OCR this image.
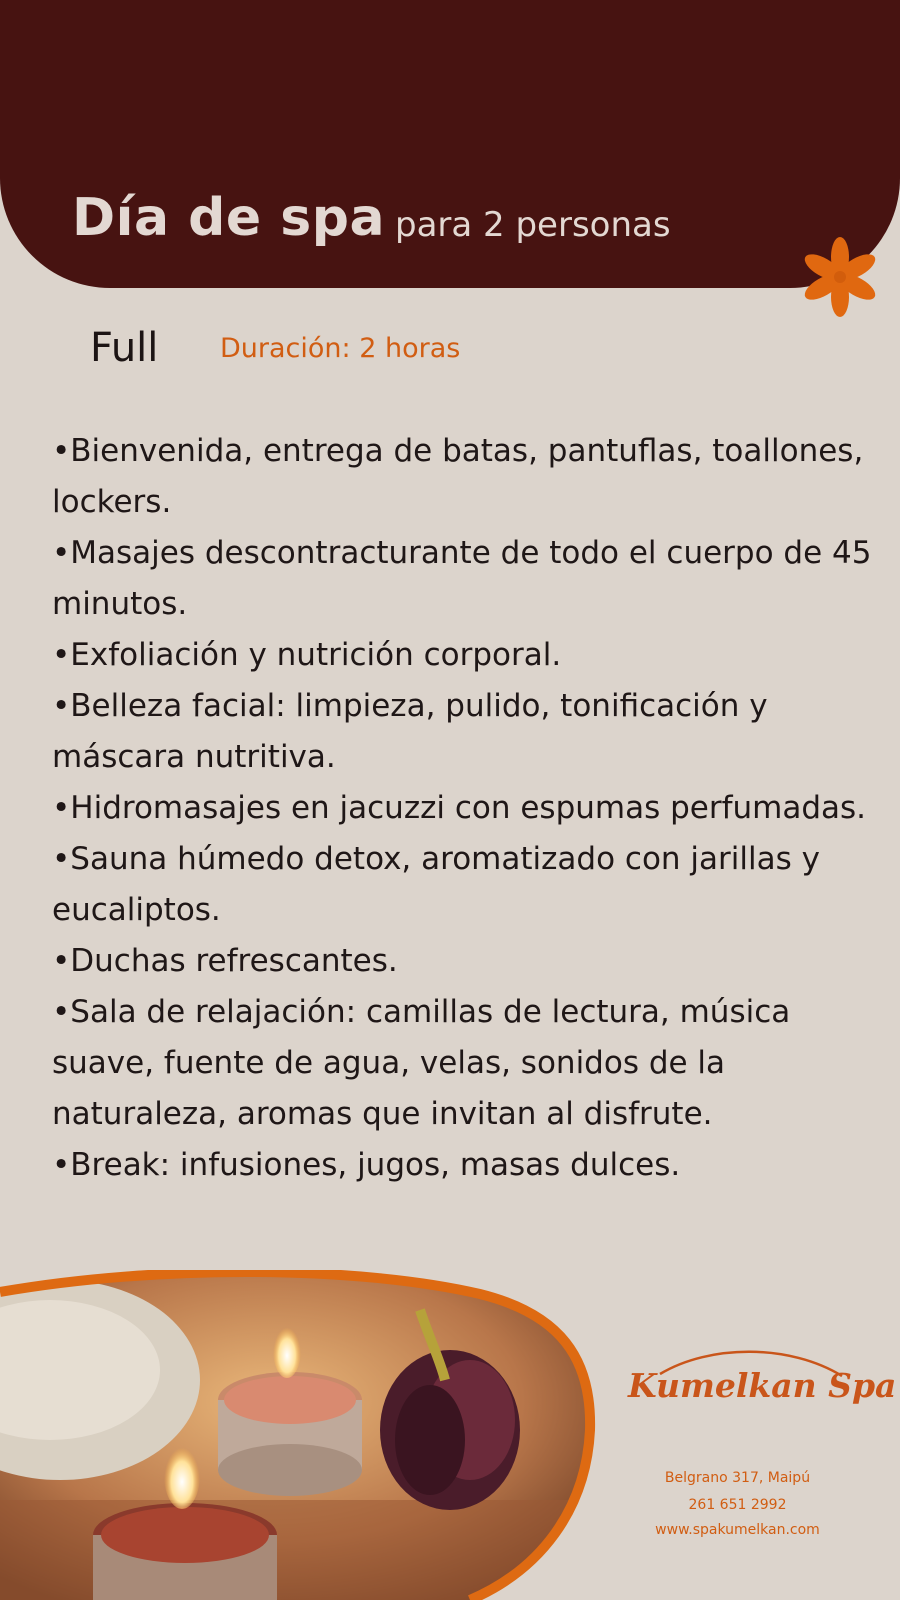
Día de spa para 2 personas
Full Duración: 2 horas
•Bienvenida, entrega de batas, pantuflas, toallones, lockers.
•Masajes descontracturante de todo el cuerpo de 45 minutos.
•Exfoliación y nutrición corporal.
•Belleza facial: limpieza, pulido, tonificación y máscara nutritiva.
•Hidromasajes en jacuzzi con espumas perfumadas.
•Sauna húmedo detox, aromatizado con jarillas y eucaliptos.
•Duchas refrescantes.
•Sala de relajación: camillas de lectura, música suave, fuente de agua, velas, sonidos de la naturaleza, aromas que invitan al disfrute.
•Break: infusiones, jugos, masas dulces.
Kumelkan Spa
Belgrano 317, Maipú
261 651 2992
www.spakumelkan.com
